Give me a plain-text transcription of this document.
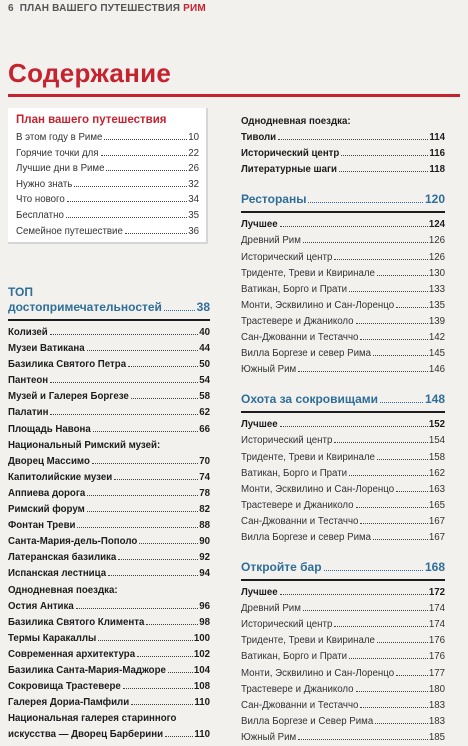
6 ПЛАН ВАШЕГО ПУТЕШЕСТВИЯ РИМ
Содержание
План вашего путешествия
В этом году в Риме	10
Горячие точки для	22
Лучшие дни в Риме	26
Нужно знать	32
Что нового	34
Бесплатно	35
Семейное путешествие	36
ТОП
достопримечательностей	38
Колизей	40
Музеи Ватикана	44
Базилика Святого Петра	50
Пантеон	54
Музей и Галерея Боргезе	58
Палатин	62
Площадь Навона	66
Национальный Римский музей:
Дворец Массимо	70
Капитолийские музеи	74
Аппиева дорога	78
Римский форум	82
Фонтан Треви	88
Санта-Мария-дель-Пополо	90
Латеранская базилика	92
Испанская лестница	94
Однодневная поездка:
Остия Антика	96
Базилика Святого Климента	98
Термы Каракаллы	100
Современная архитектура	102
Базилика Санта-Мария-Маджоре	104
Сокровища Трастевере	108
Галерея Дориа-Памфили	110
Национальная галерея старинного
искусства — Дворец Барберини	110
Однодневная поездка:
Тиволи	114
Исторический центр	116
Литературные шаги	118
Рестораны	120
Лучшее	124
Древний Рим	126
Исторический центр	126
Триденте, Треви и Квиринале	130
Ватикан, Борго и Прати	133
Монти, Эсквилино и Сан-Лоренцо	135
Трастевере и Джаниколо	139
Сан-Джованни и Тестаччо	142
Вилла Боргезе и север Рима	145
Южный Рим	146
Охота за сокровищами	148
Лучшее	152
Исторический центр	154
Триденте, Треви и Квиринале	158
Ватикан, Борго и Прати	162
Монти, Эсквилино и Сан-Лоренцо	163
Трастевере и Джаниколо	165
Сан-Джованни и Тестаччо	167
Вилла Боргезе и север Рима	167
Откройте бар	168
Лучшее	172
Древний Рим	174
Исторический центр	174
Триденте, Треви и Квиринале	176
Ватикан, Борго и Прати	176
Монти, Эсквилино и Сан-Лоренцо	177
Трастевере и Джаниколо	180
Сан-Джованни и Тестаччо	183
Вилла Боргезе и Север Рима	183
Южный Рим	185
